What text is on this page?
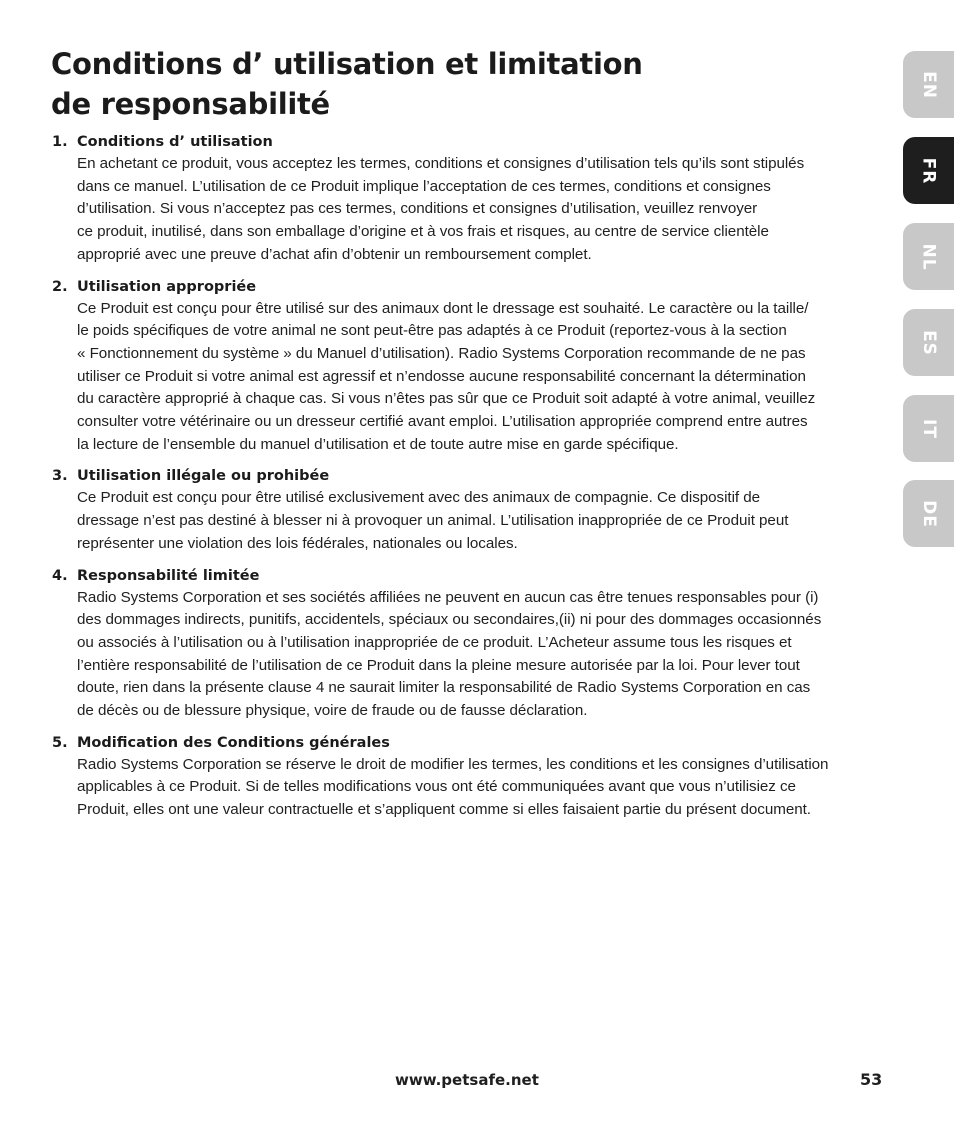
Conditions d’ utilisation et limitation
de responsabilité
1. Conditions d’ utilisation
En achetant ce produit, vous acceptez les termes, conditions et consignes d’utilisation tels qu’ils sont stipulés
dans ce manuel. L’utilisation de ce Produit implique l’acceptation de ces termes, conditions et consignes
d’utilisation. Si vous n’acceptez pas ces termes, conditions et consignes d’utilisation, veuillez renvoyer
ce produit, inutilisé, dans son emballage d’origine et à vos frais et risques, au centre de service clientèle
approprié avec une preuve d’achat afin d’obtenir un remboursement complet.
2. Utilisation appropriée
Ce Produit est conçu pour être utilisé sur des animaux dont le dressage est souhaité. Le caractère ou la taille/
le poids spécifiques de votre animal ne sont peut-être pas adaptés à ce Produit (reportez-vous à la section
« Fonctionnement du système » du Manuel d’utilisation). Radio Systems Corporation recommande de ne pas
utiliser ce Produit si votre animal est agressif et n’endosse aucune responsabilité concernant la détermination
du caractère approprié à chaque cas. Si vous n’êtes pas sûr que ce Produit soit adapté à votre animal, veuillez
consulter votre vétérinaire ou un dresseur certifié avant emploi. L’utilisation appropriée comprend entre autres
la lecture de l’ensemble du manuel d’utilisation et de toute autre mise en garde spécifique.
3. Utilisation illégale ou prohibée
Ce Produit est conçu pour être utilisé exclusivement avec des animaux de compagnie. Ce dispositif de
dressage n’est pas destiné à blesser ni à provoquer un animal. L’utilisation inappropriée de ce Produit peut
représenter une violation des lois fédérales, nationales ou locales.
4. Responsabilité limitée
Radio Systems Corporation et ses sociétés affiliées ne peuvent en aucun cas être tenues responsables pour (i)
des dommages indirects, punitifs, accidentels, spéciaux ou secondaires,(ii) ni pour des dommages occasionnés
ou associés à l’utilisation ou à l’utilisation inappropriée de ce produit. L’Acheteur assume tous les risques et
l’entière responsabilité de l’utilisation de ce Produit dans la pleine mesure autorisée par la loi. Pour lever tout
doute, rien dans la présente clause 4 ne saurait limiter la responsabilité de Radio Systems Corporation en cas
de décès ou de blessure physique, voire de fraude ou de fausse déclaration.
5. Modification des Conditions générales
Radio Systems Corporation se réserve le droit de modifier les termes, les conditions et les consignes d’utilisation
applicables à ce Produit. Si de telles modifications vous ont été communiquées avant que vous n’utilisiez ce
Produit, elles ont une valeur contractuelle et s’appliquent comme si elles faisaient partie du présent document.
www.petsafe.net	53
EN
FR
NL
ES
IT
DE
